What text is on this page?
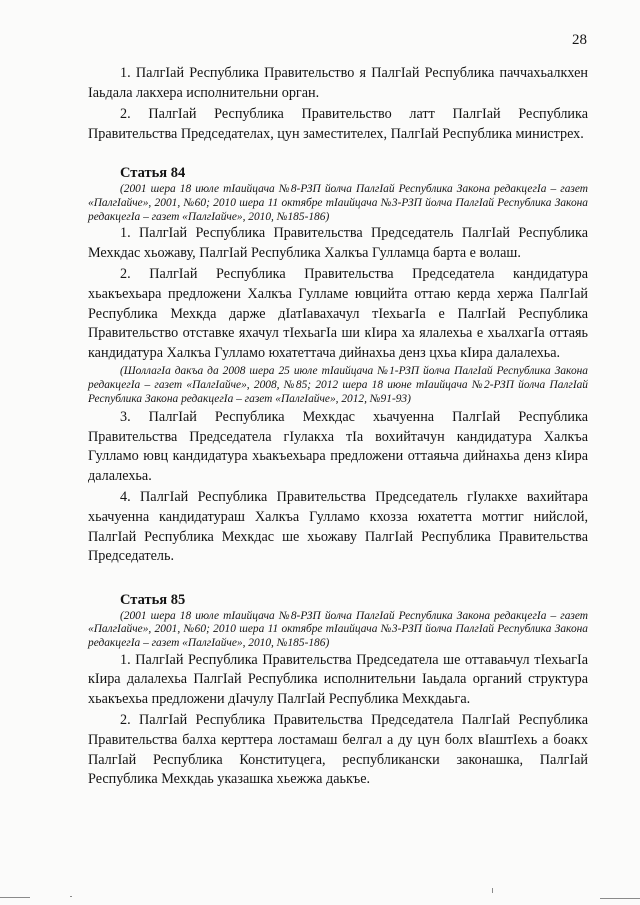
28

1. ПалгIай Республика Правительство я ПалгIай Республика паччахьалкхен Iаьдала лакхера исполнительни орган.

2. ПалгIай Республика Правительство латт ПалгIай Республика Правительства Председателах, цун заместителех, ПалгIай Республика министрех.

Статья 84

(2001 шера 18 июле тIаийцача №8-РЗП йолча ПалгIай Республика Закона редакцегIа – газет «ПалгIайче», 2001, №60; 2010 шера 11 октябре тIаийцача №3-РЗП йолча ПалгIай Республика Закона редакцегIа – газет «ПалгIайче», 2010, №185-186)

1. ПалгIай Республика Правительства Председатель ПалгIай Республика Мехкдас хьожаву, ПалгIай Республика Халкъа Гулламца барта е волаш.

2. ПалгIай Республика Правительства Председатела кандидатура хьакъехьара предложени Халкъа Гулламе ювцийта оттаю керда хержа ПалгIай Республика Мехкда дарже дIатIавахачул тIехьагIа е ПалгIай Республика Правительство отставке яхачул тIехьагIа ши кIира ха ялалехьа е хьалхагIа оттаяь кандидатура Халкъа Гулламо юхатеттача дийнахьа денз цхьа кIира далалехьа.

(ШоллагIа дакъа да 2008 шера 25 июле тIаийцача №1-РЗП йолча ПалгIай Республика Закона редакцегIа – газет «ПалгIайче», 2008, №85; 2012 шера 18 июне тIаийцача №2-РЗП йолча ПалгIай Республика Закона редакцегIа – газет «ПалгIайче», 2012, №91-93)

3. ПалгIай Республика Мехкдас хьачуенна ПалгIай Республика Правительства Председатела гIулакха тIа вохийтачун кандидатура Халкъа Гулламо ювц кандидатура хьакъехьара предложени оттаяьча дийнахьа денз кIира далалехьа.

4. ПалгIай Республика Правительства Председатель гIулакхе вахийтара хьачуенна кандидатураш Халкъа Гулламо кхозза юхатетта моттиг нийслой, ПалгIай Республика Мехкдас ше хьожаву ПалгIай Республика Правительства Председатель.

Статья 85

(2001 шера 18 июле тIаийцача №8-РЗП йолча ПалгIай Республика Закона редакцегIа – газет «ПалгIайче», 2001, №60; 2010 шера 11 октябре тIаийцача №3-РЗП йолча ПалгIай Республика Закона редакцегIа – газет «ПалгIайче», 2010, №185-186)

1. ПалгIай Республика Правительства Председатела ше оттаваьчул тIехьагIа кIира далалехьа ПалгIай Республика исполнительни Iаьдала органий структура хьакъехьа предложени дIачулу ПалгIай Республика Мехкдаьга.

2. ПалгIай Республика Правительства Председатела ПалгIай Республика Правительства балха керттера лостамаш белгал а ду цун болх вIаштIехь а боакх ПалгIай Республика Конституцега, республикански законашка, ПалгIай Республика Мехкдаь указашка хьежжа даькъе.
